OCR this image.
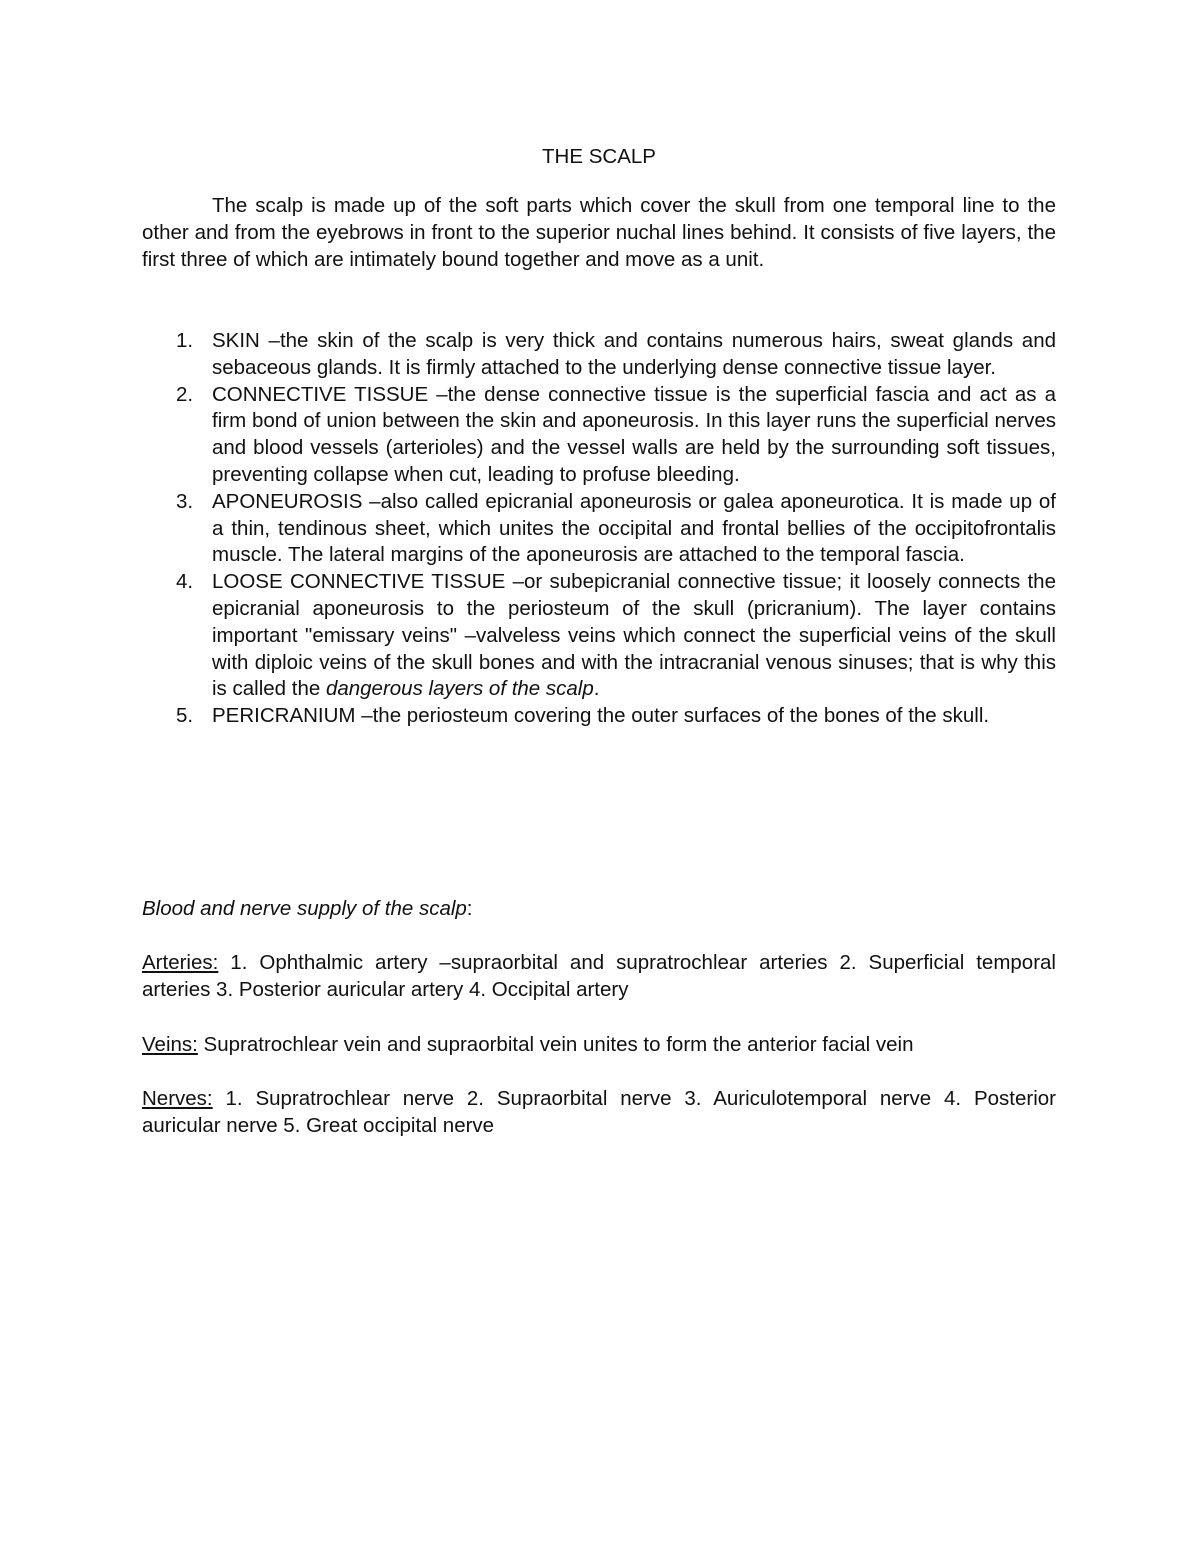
THE SCALP

The scalp is made up of the soft parts which cover the skull from one temporal line to the other and from the eyebrows in front to the superior nuchal lines behind. It consists of five layers, the first three of which are intimately bound together and move as a unit.

1. SKIN –the skin of the scalp is very thick and contains numerous hairs, sweat glands and sebaceous glands. It is firmly attached to the underlying dense connective tissue layer.
2. CONNECTIVE TISSUE –the dense connective tissue is the superficial fascia and act as a firm bond of union between the skin and aponeurosis. In this layer runs the superficial nerves and blood vessels (arterioles) and the vessel walls are held by the surrounding soft tissues, preventing collapse when cut, leading to profuse bleeding.
3. APONEUROSIS –also called epicranial aponeurosis or galea aponeurotica. It is made up of a thin, tendinous sheet, which unites the occipital and frontal bellies of the occipitofrontalis muscle. The lateral margins of the aponeurosis are attached to the temporal fascia.
4. LOOSE CONNECTIVE TISSUE –or subepicranial connective tissue; it loosely connects the epicranial aponeurosis to the periosteum of the skull (pricranium). The layer contains important "emissary veins" –valveless veins which connect the superficial veins of the skull with diploic veins of the skull bones and with the intracranial venous sinuses; that is why this is called the dangerous layers of the scalp.
5. PERICRANIUM –the periosteum covering the outer surfaces of the bones of the skull.

Blood and nerve supply of the scalp:

Arteries: 1. Ophthalmic artery –supraorbital and supratrochlear arteries 2. Superficial temporal arteries 3. Posterior auricular artery 4. Occipital artery

Veins: Supratrochlear vein and supraorbital vein unites to form the anterior facial vein

Nerves: 1. Supratrochlear nerve 2. Supraorbital nerve 3. Auriculotemporal nerve 4. Posterior auricular nerve 5. Great occipital nerve
